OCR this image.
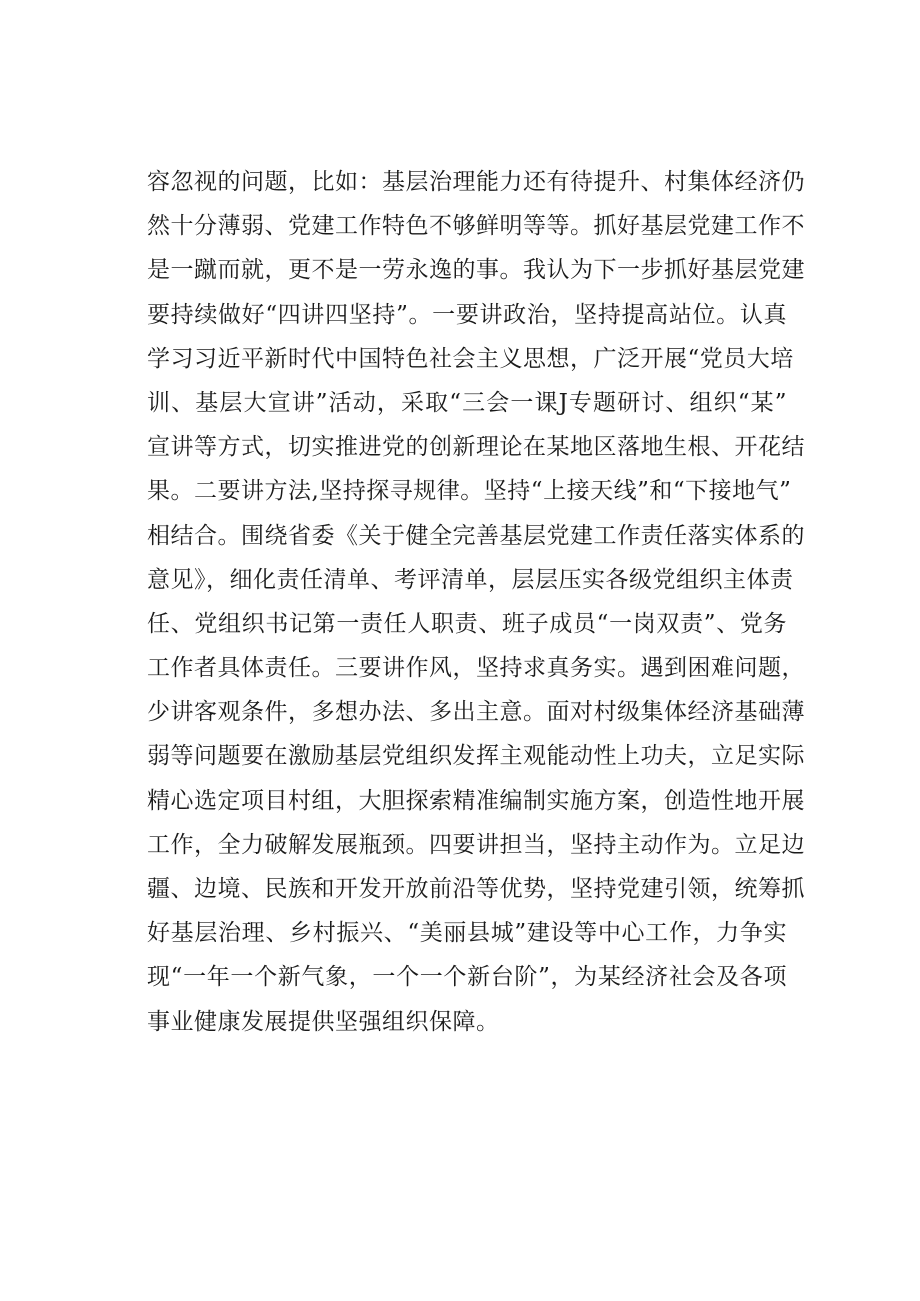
容忽视的问题，比如：基层治理能力还有待提升、村集体经济仍
然十分薄弱、党建工作特色不够鲜明等等。抓好基层党建工作不
是一蹴而就，更不是一劳永逸的事。我认为下一步抓好基层党建
要持续做好“四讲四坚持”。一要讲政治，坚持提高站位。认真
学习习近平新时代中国特色社会主义思想，广泛开展“党员大培
训、基层大宣讲”活动，采取“三会一课J专题研讨、组织“某”
宣讲等方式，切实推进党的创新理论在某地区落地生根、开花结
果。二要讲方法,坚持探寻规律。坚持“上接天线”和“下接地气”
相结合。围绕省委《关于健全完善基层党建工作责任落实体系的
意见》，细化责任清单、考评清单，层层压实各级党组织主体责
任、党组织书记第一责任人职责、班子成员“一岗双责”、党务
工作者具体责任。三要讲作风，坚持求真务实。遇到困难问题，
少讲客观条件，多想办法、多出主意。面对村级集体经济基础薄
弱等问题要在激励基层党组织发挥主观能动性上功夫，立足实际
精心选定项目村组，大胆探索精准编制实施方案，创造性地开展
工作，全力破解发展瓶颈。四要讲担当，坚持主动作为。立足边
疆、边境、民族和开发开放前沿等优势，坚持党建引领，统筹抓
好基层治理、乡村振兴、“美丽县城”建设等中心工作，力争实
现“一年一个新气象，一个一个新台阶”，为某经济社会及各项
事业健康发展提供坚强组织保障。
